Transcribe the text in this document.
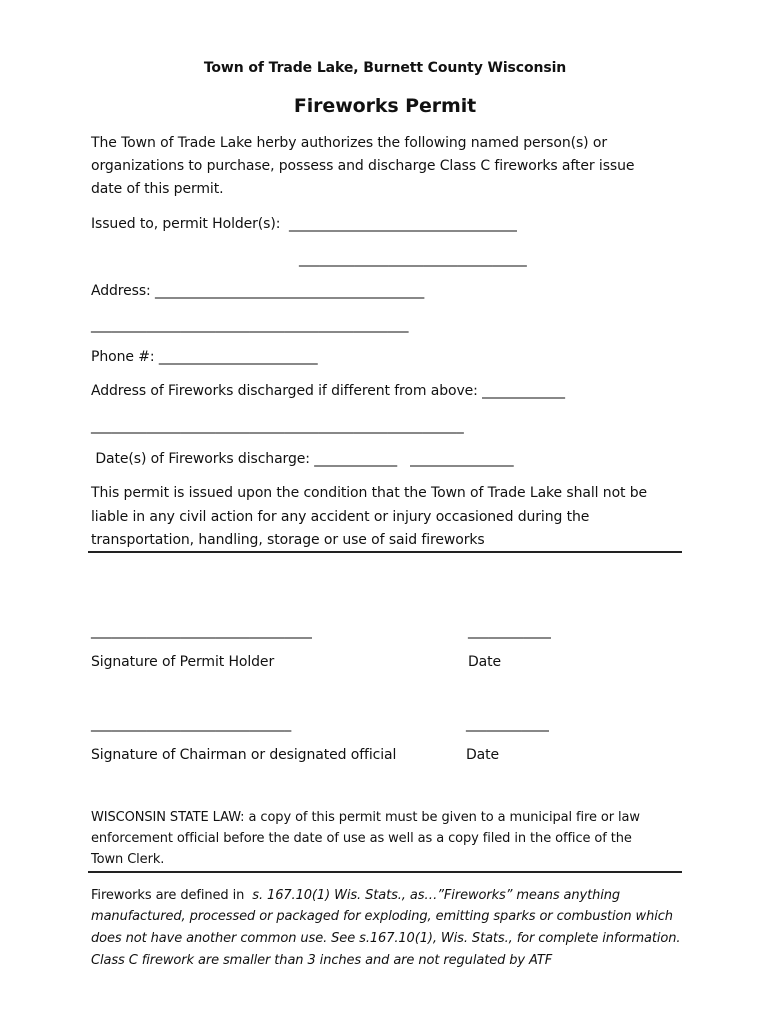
Town of Trade Lake, Burnett County Wisconsin
Fireworks Permit
The Town of Trade Lake herby authorizes the following named person(s) or
organizations to purchase, possess and discharge Class C fireworks after issue
date of this permit.
Issued to, permit Holder(s):  _________________________________
_________________________________
Address: _______________________________________
______________________________________________
Phone #: _______________________
Address of Fireworks discharged if different from above: ____________
______________________________________________________
Date(s) of Fireworks discharge: ____________   _______________
This permit is issued upon the condition that the Town of Trade Lake shall not be
liable in any civil action for any accident or injury occasioned during the
transportation, handling, storage or use of said fireworks
________________________________	____________
Signature of Permit Holder	Date
_____________________________	____________
Signature of Chairman or designated official	Date
WISCONSIN STATE LAW: a copy of this permit must be given to a municipal fire or law
enforcement official before the date of use as well as a copy filed in the office of the
Town Clerk.
Fireworks are defined in  s. 167.10(1) Wis. Stats., as…”Fireworks” means anything
manufactured, processed or packaged for exploding, emitting sparks or combustion which
does not have another common use. See s.167.10(1), Wis. Stats., for complete information.
Class C firework are smaller than 3 inches and are not regulated by ATF
